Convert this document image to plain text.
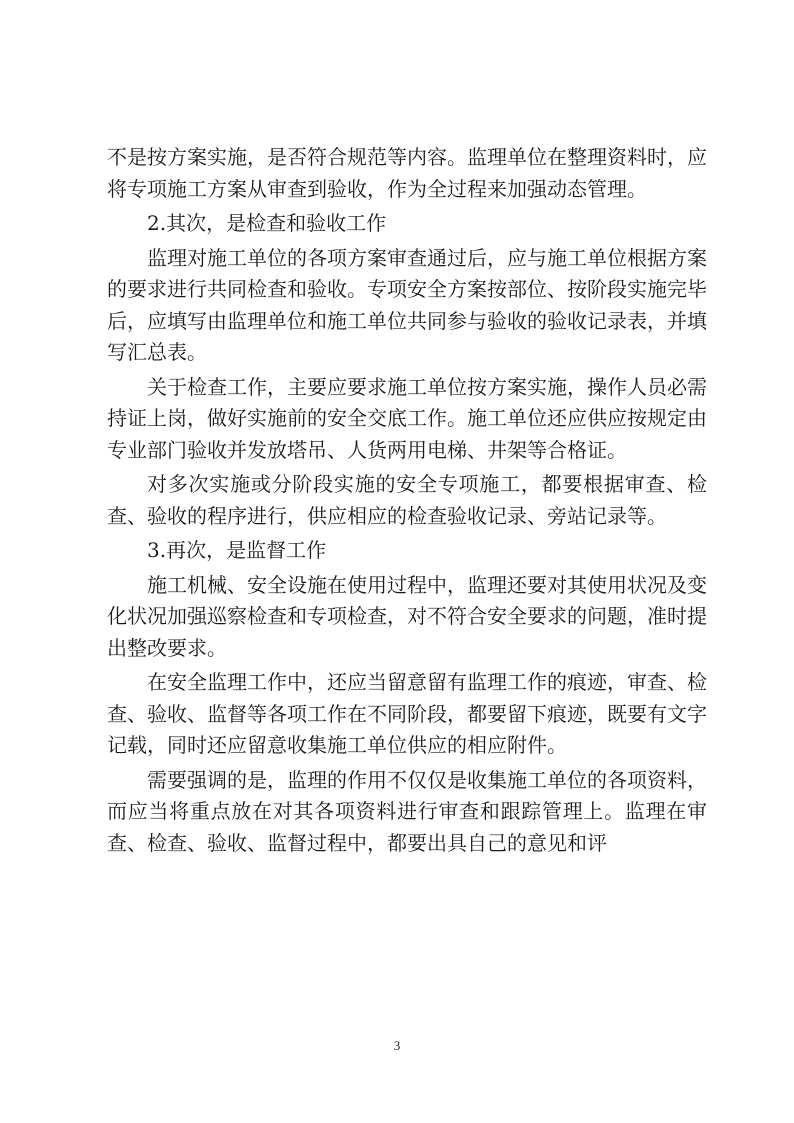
不是按方案实施，是否符合规范等内容。监理单位在整理资料时，应将专项施工方案从审查到验收，作为全过程来加强动态管理。

2.其次，是检查和验收工作

监理对施工单位的各项方案审查通过后，应与施工单位根据方案的要求进行共同检查和验收。专项安全方案按部位、按阶段实施完毕后，应填写由监理单位和施工单位共同参与验收的验收记录表，并填写汇总表。

关于检查工作，主要应要求施工单位按方案实施，操作人员必需持证上岗，做好实施前的安全交底工作。施工单位还应供应按规定由专业部门验收并发放塔吊、人货两用电梯、井架等合格证。

对多次实施或分阶段实施的安全专项施工，都要根据审查、检查、验收的程序进行，供应相应的检查验收记录、旁站记录等。

3.再次，是监督工作

施工机械、安全设施在使用过程中，监理还要对其使用状况及变化状况加强巡察检查和专项检查，对不符合安全要求的问题，准时提出整改要求。

在安全监理工作中，还应当留意留有监理工作的痕迹，审查、检查、验收、监督等各项工作在不同阶段，都要留下痕迹，既要有文字记载，同时还应留意收集施工单位供应的相应附件。

需要强调的是，监理的作用不仅仅是收集施工单位的各项资料，而应当将重点放在对其各项资料进行审查和跟踪管理上。监理在审查、检查、验收、监督过程中，都要出具自己的意见和评

3
